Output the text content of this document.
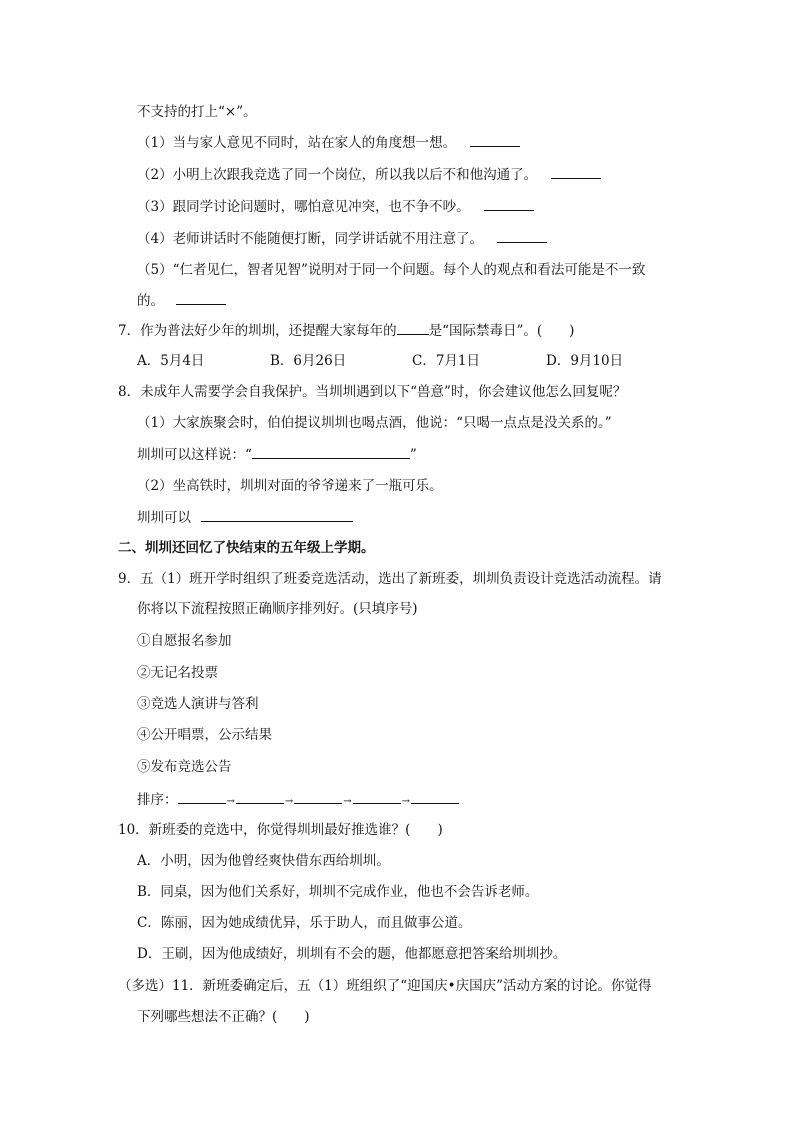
不支持的打上“×”。
（1）当与家人意见不同时，站在家人的角度想一想。
（2）小明上次跟我竞选了同一个岗位，所以我以后不和他沟通了。
（3）跟同学讨论问题时，哪怕意见冲突，也不争不吵。
（4）老师讲话时不能随便打断，同学讲话就不用注意了。
（5）“仁者见仁，智者见智”说明对于同一个问题。每个人的观点和看法可能是不一致
的。
7．作为普法好少年的圳圳，还提醒大家每年的 是“国际禁毒日”。(　　)
A．5月4日	B．6月26日	C．7月1日	D．9月10日
8．未成年人需要学会自我保护。当圳圳遇到以下“兽意”时，你会建议他怎么回复呢？
（1）大家族聚会时，伯伯提议圳圳也喝点酒，他说：“只喝一点点是没关系的。”
圳圳可以这样说：“	”
（2）坐高铁时，圳圳对面的爷爷递来了一瓶可乐。
圳圳可以
二、圳圳还回忆了快结束的五年级上学期。
9．五（1）班开学时组织了班委竞选活动，选出了新班委，圳圳负责设计竞选活动流程。请
你将以下流程按照正确顺序排列好。(只填序号)
①自愿报名参加
②无记名投票
③竞选人演讲与答利
④公开唱票，公示结果
⑤发布竞选公告
排序：	→	→	→	→
10．新班委的竞选中，你觉得圳圳最好推选谁？(　　)
A．小明，因为他曾经爽快借东西给圳圳。
B．同桌，因为他们关系好，圳圳不完成作业，他也不会告诉老师。
C．陈丽，因为她成绩优异，乐于助人，而且做事公道。
D．王刷，因为他成绩好，圳圳有不会的题，他都愿意把答案给圳圳抄。
（多选）11．新班委确定后，五（1）班组织了“迎国庆•庆国庆”活动方案的讨论。你觉得
下列哪些想法不正确？(　　)
